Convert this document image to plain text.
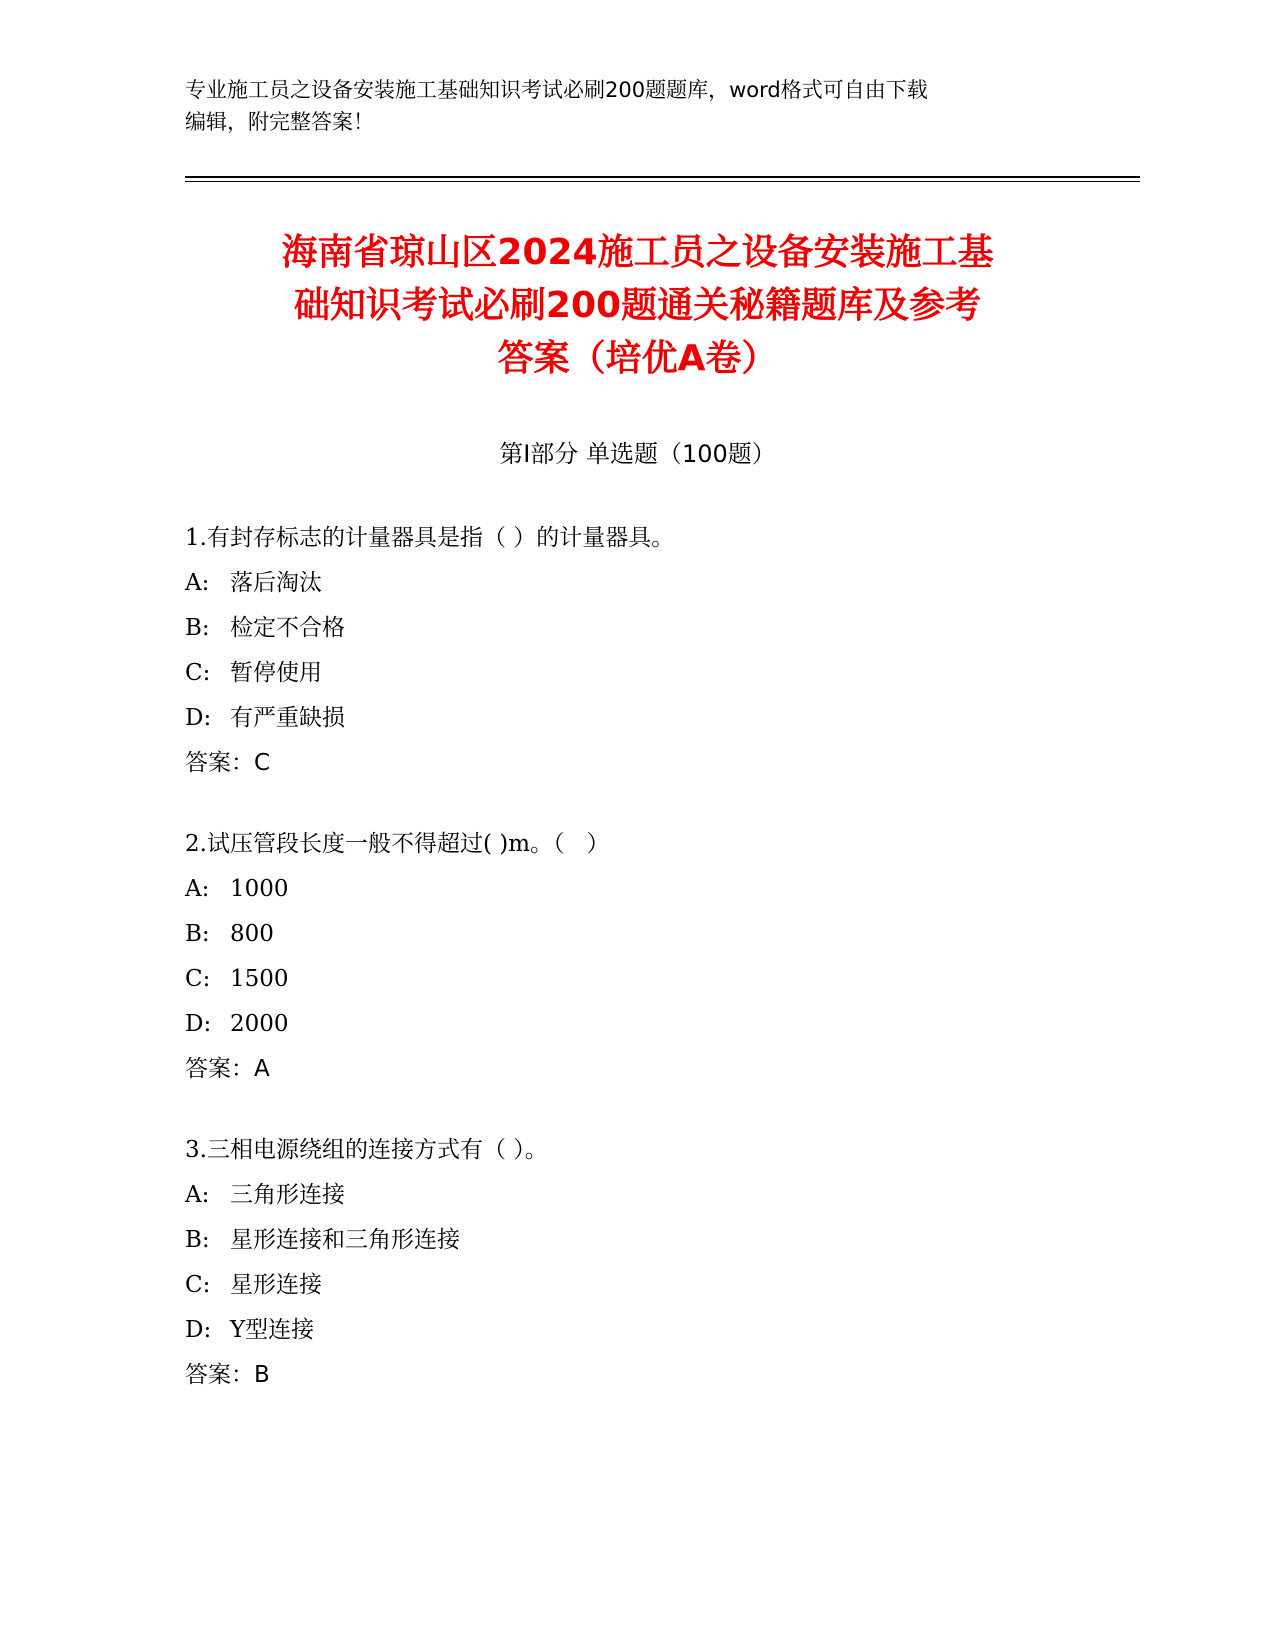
专业施工员之设备安装施工基础知识考试必刷200题题库，word格式可自由下载
编辑，附完整答案！
海南省琼山区2024施工员之设备安装施工基
础知识考试必刷200题通关秘籍题库及参考
答案（培优A卷）
第Ⅰ部分 单选题（100题）
1.有封存标志的计量器具是指（ ）的计量器具。
A: 落后淘汰
B: 检定不合格
C: 暂停使用
D: 有严重缺损
答案：C
2.试压管段长度一般不得超过( )m。（   ）
A: 1000
B: 800
C: 1500
D: 2000
答案：A
3.三相电源绕组的连接方式有（ ）。
A: 三角形连接
B: 星形连接和三角形连接
C: 星形连接
D: Y型连接
答案：B
